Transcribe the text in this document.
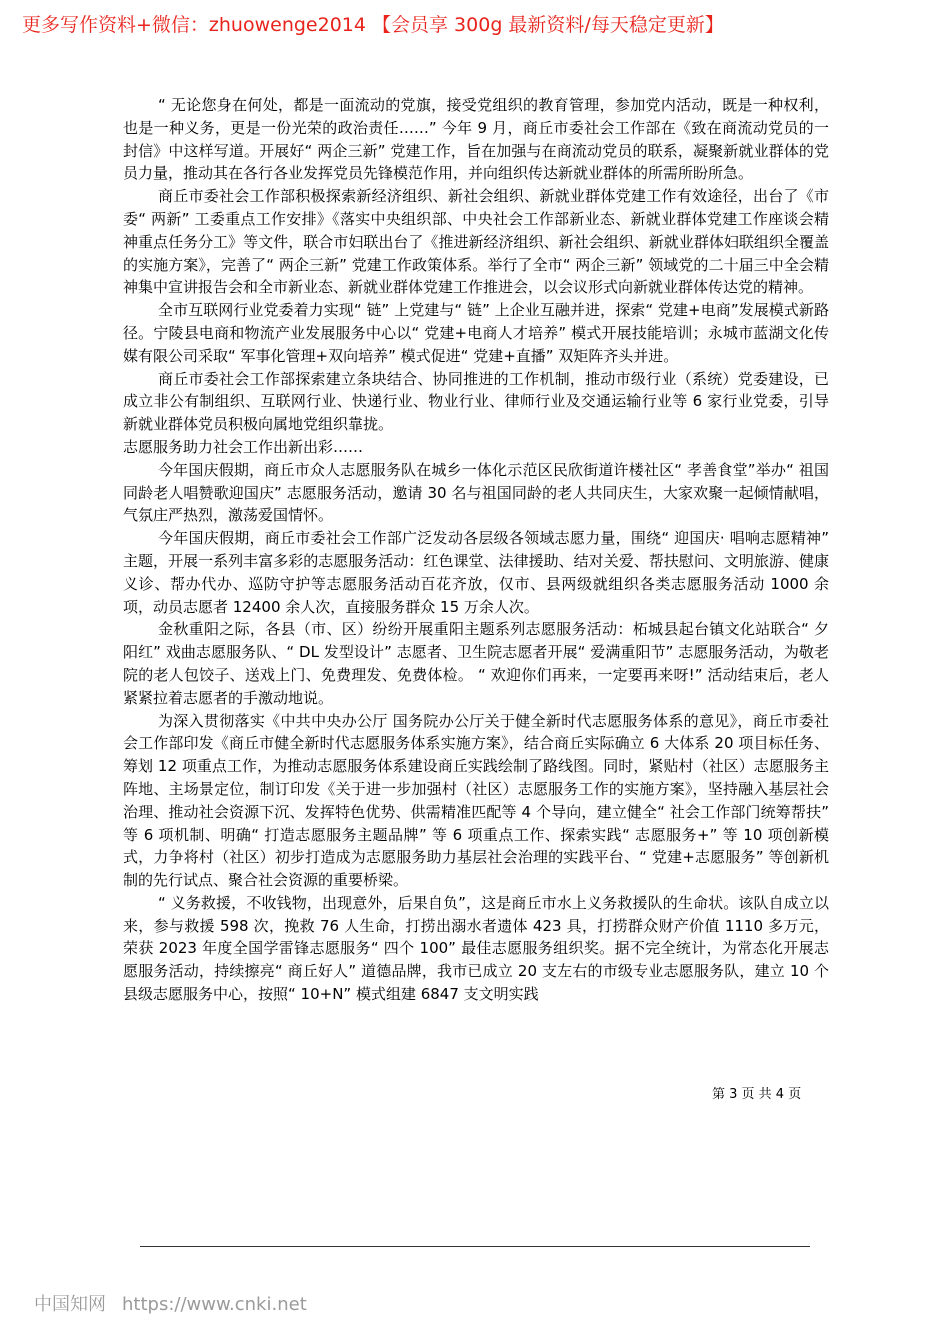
更多写作资料+微信：zhuowenge2014 【会员享 300g 最新资料/每天稳定更新】

“ 无论您身在何处，都是一面流动的党旗，接受党组织的教育管理，参加党内活动，既是一种权利，也是一种义务，更是一份光荣的政治责任……” 今年 9 月，商丘市委社会工作部在《致在商流动党员的一封信》中这样写道。开展好“ 两企三新” 党建工作，旨在加强与在商流动党员的联系，凝聚新就业群体的党员力量，推动其在各行各业发挥党员先锋模范作用，并向组织传达新就业群体的所需所盼所急。

商丘市委社会工作部积极探索新经济组织、新社会组织、新就业群体党建工作有效途径，出台了《市委“ 两新” 工委重点工作安排》《落实中央组织部、中央社会工作部新业态、新就业群体党建工作座谈会精神重点任务分工》等文件，联合市妇联出台了《推进新经济组织、新社会组织、新就业群体妇联组织全覆盖的实施方案》，完善了“ 两企三新” 党建工作政策体系。举行了全市“ 两企三新” 领域党的二十届三中全会精神集中宣讲报告会和全市新业态、新就业群体党建工作推进会，以会议形式向新就业群体传达党的精神。

全市互联网行业党委着力实现“ 链” 上党建与“ 链” 上企业互融并进，探索“ 党建+电商”发展模式新路径。宁陵县电商和物流产业发展服务中心以“ 党建+电商人才培养” 模式开展技能培训；永城市蓝湖文化传媒有限公司采取“ 军事化管理+双向培养” 模式促进“ 党建+直播” 双矩阵齐头并进。

商丘市委社会工作部探索建立条块结合、协同推进的工作机制，推动市级行业（系统）党委建设，已成立非公有制组织、互联网行业、快递行业、物业行业、律师行业及交通运输行业等 6 家行业党委，引导新就业群体党员积极向属地党组织靠拢。

志愿服务助力社会工作出新出彩……

今年国庆假期，商丘市众人志愿服务队在城乡一体化示范区民欣街道许楼社区“ 孝善食堂”举办“ 祖国同龄老人唱赞歌迎国庆” 志愿服务活动，邀请 30 名与祖国同龄的老人共同庆生，大家欢聚一起倾情献唱，气氛庄严热烈，激荡爱国情怀。

今年国庆假期，商丘市委社会工作部广泛发动各层级各领域志愿力量，围绕“ 迎国庆· 唱响志愿精神” 主题，开展一系列丰富多彩的志愿服务活动：红色课堂、法律援助、结对关爱、帮扶慰问、文明旅游、健康义诊、帮办代办、巡防守护等志愿服务活动百花齐放，仅市、县两级就组织各类志愿服务活动 1000 余项，动员志愿者 12400 余人次，直接服务群众 15 万余人次。

金秋重阳之际，各县（市、区）纷纷开展重阳主题系列志愿服务活动：柘城县起台镇文化站联合“ 夕阳红” 戏曲志愿服务队、“ DL 发型设计” 志愿者、卫生院志愿者开展“ 爱满重阳节” 志愿服务活动，为敬老院的老人包饺子、送戏上门、免费理发、免费体检。 “ 欢迎你们再来，一定要再来呀!” 活动结束后，老人紧紧拉着志愿者的手激动地说。

为深入贯彻落实《中共中央办公厅 国务院办公厅关于健全新时代志愿服务体系的意见》，商丘市委社会工作部印发《商丘市健全新时代志愿服务体系实施方案》，结合商丘实际确立 6 大体系 20 项目标任务、筹划 12 项重点工作，为推动志愿服务体系建设商丘实践绘制了路线图。同时，紧贴村（社区）志愿服务主阵地、主场景定位，制订印发《关于进一步加强村（社区）志愿服务工作的实施方案》，坚持融入基层社会治理、推动社会资源下沉、发挥特色优势、供需精准匹配等 4 个导向，建立健全“ 社会工作部门统筹帮扶” 等 6 项机制、明确“ 打造志愿服务主题品牌” 等 6 项重点工作、探索实践“ 志愿服务+” 等 10 项创新模式，力争将村（社区）初步打造成为志愿服务助力基层社会治理的实践平台、“ 党建+志愿服务” 等创新机制的先行试点、聚合社会资源的重要桥梁。

“ 义务救援，不收钱物，出现意外，后果自负”，这是商丘市水上义务救援队的生命状。该队自成立以来，参与救援 598 次，挽救 76 人生命，打捞出溺水者遗体 423 具，打捞群众财产价值 1110 多万元，荣获 2023 年度全国学雷锋志愿服务“ 四个 100” 最佳志愿服务组织奖。据不完全统计，为常态化开展志愿服务活动，持续擦亮“ 商丘好人” 道德品牌，我市已成立 20 支左右的市级专业志愿服务队，建立 10 个县级志愿服务中心，按照“ 10+N” 模式组建 6847 支文明实践

第 3 页 共 4 页
中国知网 https://www.cnki.net
